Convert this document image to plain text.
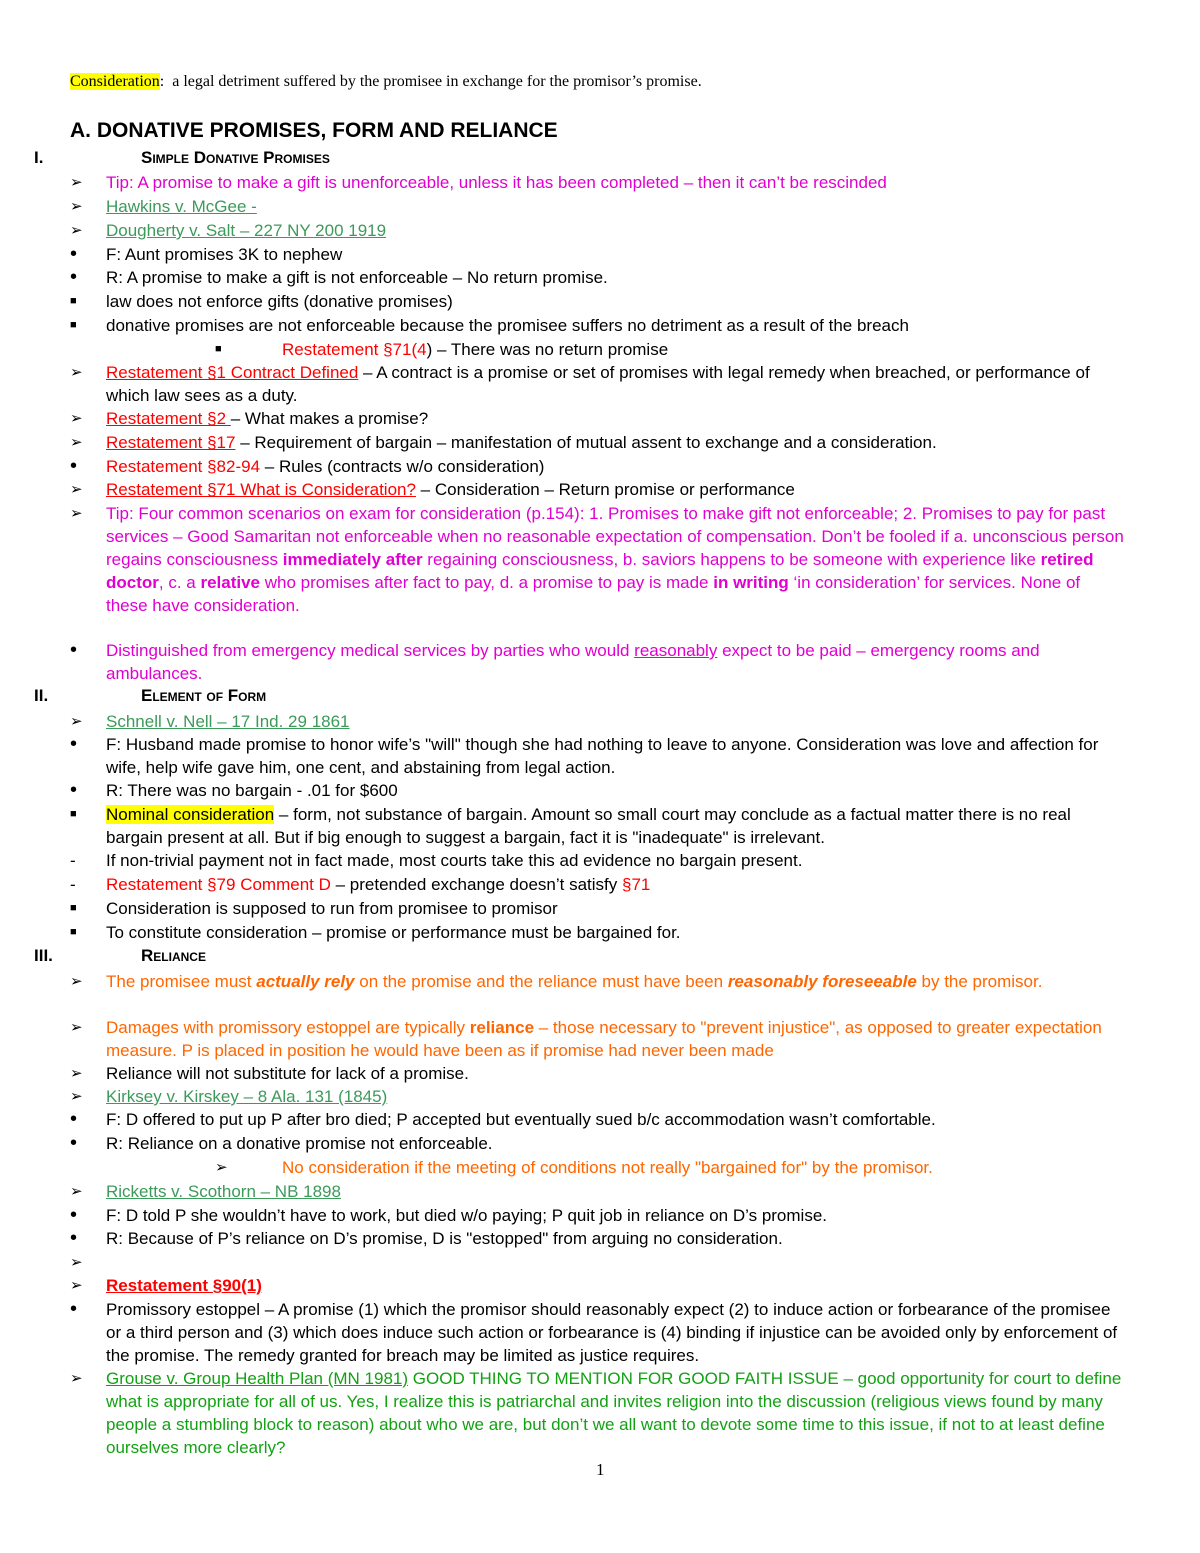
Consideration: a legal detriment suffered by the promisee in exchange for the promisor’s promise.
A. DONATIVE PROMISES, FORM AND RELIANCE
I.	Simple Donative Promises
➢	Tip: A promise to make a gift is unenforceable, unless it has been completed – then it can’t be rescinded
➢	Hawkins v. McGee -
➢	Dougherty v. Salt – 227 NY 200 1919
•	F: Aunt promises 3K to nephew
•	R: A promise to make a gift is not enforceable – No return promise.
■	law does not enforce gifts (donative promises)
■	donative promises are not enforceable because the promisee suffers no detriment as a result of the breach
■	Restatement §71(4) – There was no return promise
➢	Restatement §1 Contract Defined – A contract is a promise or set of promises with legal remedy when breached, or performance of which law sees as a duty.
➢	Restatement §2 – What makes a promise?
➢	Restatement §17 – Requirement of bargain – manifestation of mutual assent to exchange and a consideration.
•	Restatement §82-94 – Rules (contracts w/o consideration)
➢	Restatement §71 What is Consideration? – Consideration – Return promise or performance
➢	Tip: Four common scenarios on exam for consideration (p.154): 1. Promises to make gift not enforceable; 2. Promises to pay for past services – Good Samaritan not enforceable when no reasonable expectation of compensation. Don’t be fooled if a. unconscious person regains consciousness immediately after regaining consciousness, b. saviors happens to be someone with experience like retired doctor, c. a relative who promises after fact to pay, d. a promise to pay is made in writing ‘in consideration’ for services. None of these have consideration.
•	Distinguished from emergency medical services by parties who would reasonably expect to be paid – emergency rooms and ambulances.
II.	Element of Form
➢	Schnell v. Nell – 17 Ind. 29 1861
•	F: Husband made promise to honor wife’s "will" though she had nothing to leave to anyone. Consideration was love and affection for wife, help wife gave him, one cent, and abstaining from legal action.
•	R: There was no bargain - .01 for $600
■	Nominal consideration – form, not substance of bargain. Amount so small court may conclude as a factual matter there is no real bargain present at all. But if big enough to suggest a bargain, fact it is "inadequate" is irrelevant.
-	If non-trivial payment not in fact made, most courts take this ad evidence no bargain present.
-	Restatement §79 Comment D – pretended exchange doesn’t satisfy §71
■	Consideration is supposed to run from promisee to promisor
■	To constitute consideration – promise or performance must be bargained for.
III.	Reliance
➢	The promisee must actually rely on the promise and the reliance must have been reasonably foreseeable by the promisor.
➢	Damages with promissory estoppel are typically reliance – those necessary to "prevent injustice", as opposed to greater expectation measure. P is placed in position he would have been as if promise had never been made
➢	Reliance will not substitute for lack of a promise.
➢	Kirksey v. Kirskey – 8 Ala. 131 (1845)
•	F: D offered to put up P after bro died; P accepted but eventually sued b/c accommodation wasn’t comfortable.
•	R: Reliance on a donative promise not enforceable.
➢	No consideration if the meeting of conditions not really "bargained for" by the promisor.
➢	Ricketts v. Scothorn – NB 1898
•	F: D told P she wouldn’t have to work, but died w/o paying; P quit job in reliance on D’s promise.
•	R: Because of P’s reliance on D’s promise, D is "estopped" from arguing no consideration.
➢

➢	Restatement §90(1)
•	Promissory estoppel – A promise (1) which the promisor should reasonably expect (2) to induce action or forbearance of the promisee or a third person and (3) which does induce such action or forbearance is (4) binding if injustice can be avoided only by enforcement of the promise. The remedy granted for breach may be limited as justice requires.
➢	Grouse v. Group Health Plan (MN 1981) GOOD THING TO MENTION FOR GOOD FAITH ISSUE – good opportunity for court to define what is appropriate for all of us. Yes, I realize this is patriarchal and invites religion into the discussion (religious views found by many people a stumbling block to reason) about who we are, but don’t we all want to devote some time to this issue, if not to at least define ourselves more clearly?
1
